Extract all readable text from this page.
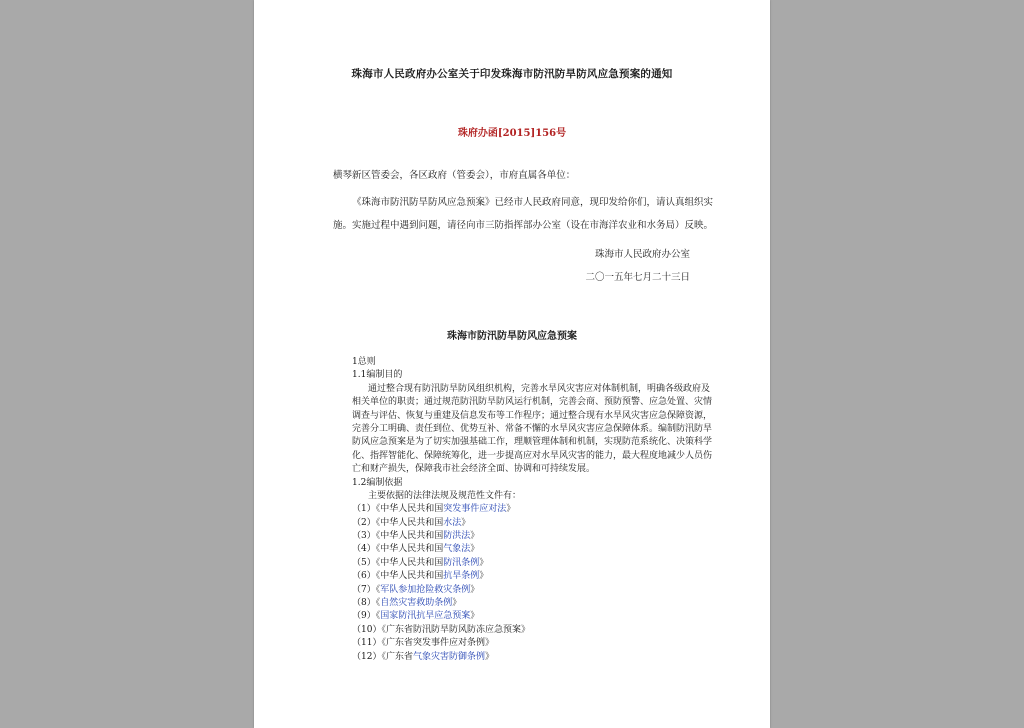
珠海市人民政府办公室关于印发珠海市防汛防旱防风应急预案的通知
珠府办函[2015]156号
横琴新区管委会，各区政府（管委会），市府直属各单位：
《珠海市防汛防旱防风应急预案》已经市人民政府同意，现印发给你们，请认真组织实
施。实施过程中遇到问题，请径向市三防指挥部办公室（设在市海洋农业和水务局）反映。
珠海市人民政府办公室
二〇一五年七月二十三日
珠海市防汛防旱防风应急预案
1总则
1.1编制目的
通过整合现有防汛防旱防风组织机构，完善水旱风灾害应对体制机制，明确各级政府及
相关单位的职责；通过规范防汛防旱防风运行机制，完善会商、预防预警、应急处置、灾情
调查与评估、恢复与重建及信息发布等工作程序；通过整合现有水旱风灾害应急保障资源，
完善分工明确、责任到位、优势互补、常备不懈的水旱风灾害应急保障体系。编制防汛防旱
防风应急预案是为了切实加强基础工作，理顺管理体制和机制，实现防范系统化、决策科学
化、指挥智能化、保障统筹化，进一步提高应对水旱风灾害的能力，最大程度地减少人员伤
亡和财产损失，保障我市社会经济全面、协调和可持续发展。
1.2编制依据
主要依据的法律法规及规范性文件有：
（1）《中华人民共和国突发事件应对法》
（2）《中华人民共和国水法》
（3）《中华人民共和国防洪法》
（4）《中华人民共和国气象法》
（5）《中华人民共和国防汛条例》
（6）《中华人民共和国抗旱条例》
（7）《军队参加抢险救灾条例》
（8）《自然灾害救助条例》
（9）《国家防汛抗旱应急预案》
（10）《广东省防汛防旱防风防冻应急预案》
（11）《广东省突发事件应对条例》
（12）《广东省气象灾害防御条例》
